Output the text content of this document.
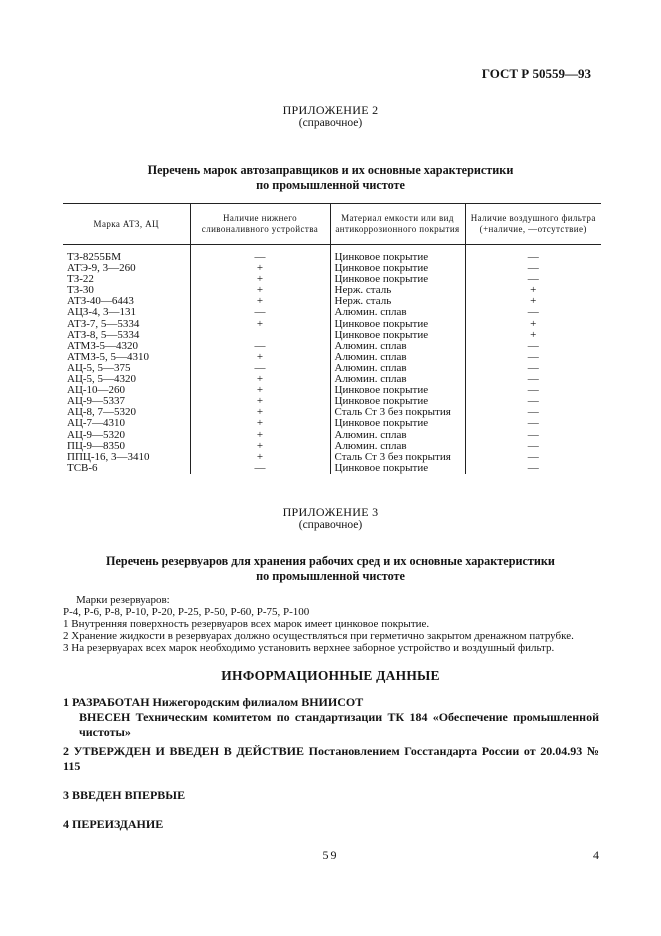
ГОСТ Р 50559—93
ПРИЛОЖЕНИЕ 2
(справочное)
Перечень марок автозаправщиков и их основные характеристики
по промышленной чистоте
Марка АТЗ, АЦ	Наличие нижнего сливоналивного устройства	Материал емкости или вид антикоррозионного покрытия	Наличие воздушного фильтра (+наличие, —отсутствие)
ТЗ-8255БМ	—	Цинковое покрытие	—
АТЭ-9, 3—260	+	Цинковое покрытие	—
ТЗ-22	+	Цинковое покрытие	—
ТЗ-30	+	Нерж. сталь	+
АТЗ-40—6443	+	Нерж. сталь	+
АЦЗ-4, 3—131	—	Алюмин. сплав	—
АТЗ-7, 5—5334	+	Цинковое покрытие	+
АТЗ-8, 5—5334		Цинковое покрытие	+
АТМЗ-5—4320	—	Алюмин. сплав	—
АТМЗ-5, 5—4310	+	Алюмин. сплав	—
АЦ-5, 5—375	—	Алюмин. сплав	—
АЦ-5, 5—4320	+	Алюмин. сплав	—
АЦ-10—260	+	Цинковое покрытие	—
АЦ-9—5337	+	Цинковое покрытие	—
АЦ-8, 7—5320	+	Сталь Ст 3 без покрытия	—
АЦ-7—4310	+	Цинковое покрытие	—
АЦ-9—5320	+	Алюмин. сплав	—
ПЦ-9—8350	+	Алюмин. сплав	—
ППЦ-16, 3—3410	+	Сталь Ст 3 без покрытия	—
ТСВ-6	—	Цинковое покрытие	—
ПРИЛОЖЕНИЕ 3
(справочное)
Перечень резервуаров для хранения рабочих сред и их основные характеристики
по промышленной чистоте
Марки резервуаров:
Р-4, Р-6, Р-8, Р-10, Р-20, Р-25, Р-50, Р-60, Р-75, Р-100
1 Внутренняя поверхность резервуаров всех марок имеет цинковое покрытие.
2 Хранение жидкости в резервуарах должно осуществляться при герметично закрытом дренажном патрубке.
3 На резервуарах всех марок необходимо установить верхнее заборное устройство и воздушный фильтр.
ИНФОРМАЦИОННЫЕ ДАННЫЕ
1 РАЗРАБОТАН Нижегородским филиалом ВНИИСОТ
ВНЕСЕН Техническим комитетом по стандартизации ТК 184 «Обеспечение промышленной чистоты»
2 УТВЕРЖДЕН И ВВЕДЕН В ДЕЙСТВИЕ Постановлением Госстандарта России от 20.04.93 № 115
3 ВВЕДЕН ВПЕРВЫЕ
4 ПЕРЕИЗДАНИЕ
59	4
